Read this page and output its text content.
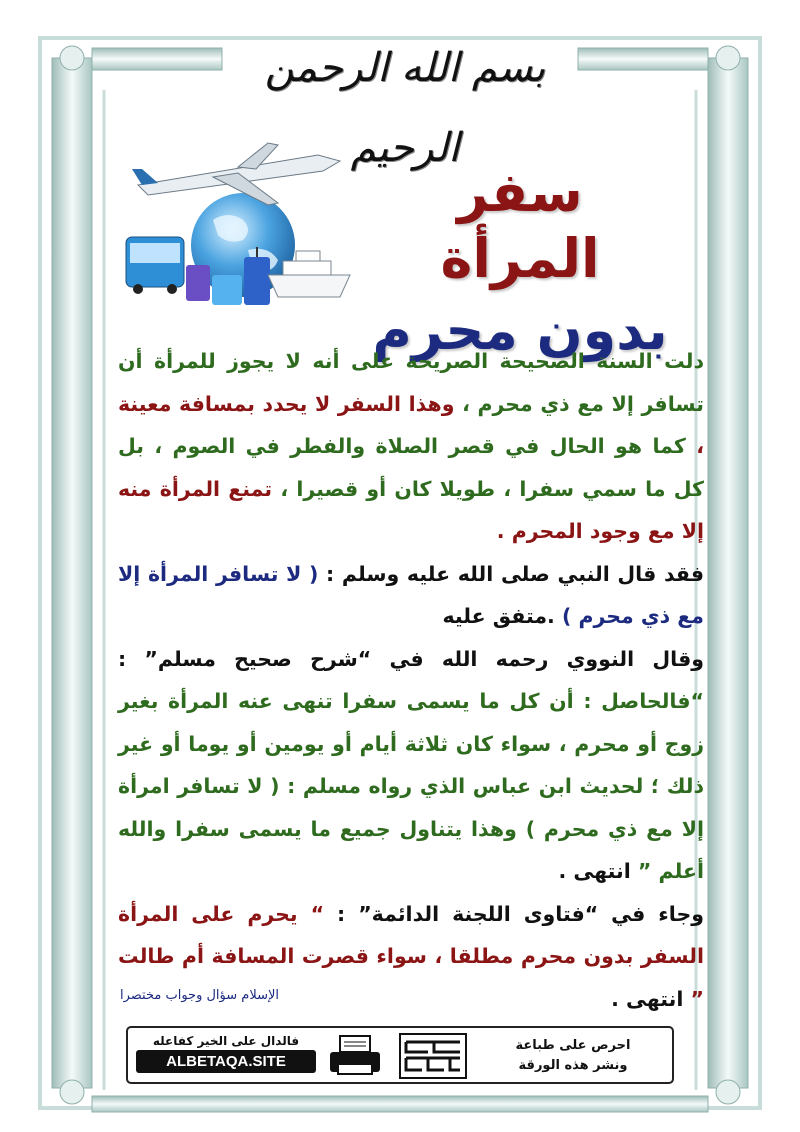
بسم الله الرحمن الرحيم
سفر المرأة
بدون محرم

دلت السنة الصحيحة الصريحة على أنه لا يجوز للمرأة أن تسافر إلا مع ذي محرم ، وهذا السفر لا يحدد بمسافة معينة ، كما هو الحال في قصر الصلاة والفطر في الصوم ، بل كل ما سمي سفرا ، طويلا كان أو قصيرا ، تمنع المرأة منه إلا مع وجود المحرم .

فقد قال النبي صلى الله عليه وسلم : ( لا تسافر المرأة إلا مع ذي محرم ) .متفق عليه

وقال النووي رحمه الله في “شرح صحيح مسلم” : “فالحاصل : أن كل ما يسمى سفرا تنهى عنه المرأة بغير زوج أو محرم ، سواء كان ثلاثة أيام أو يومين أو يوما أو غير ذلك ؛ لحديث ابن عباس الذي رواه مسلم : ( لا تسافر امرأة إلا مع ذي محرم ) وهذا يتناول جميع ما يسمى سفرا والله أعلم ” انتهى .

وجاء في “فتاوى اللجنة الدائمة” : “ يحرم على المرأة السفر بدون محرم مطلقا ، سواء قصرت المسافة أم طالت ” انتهى .

الإسلام سؤال وجواب مختصرا
فالدال على الخير كفاعله
ALBETAQA.SITE
احرص على طباعة
ونشر هذه الورقة
